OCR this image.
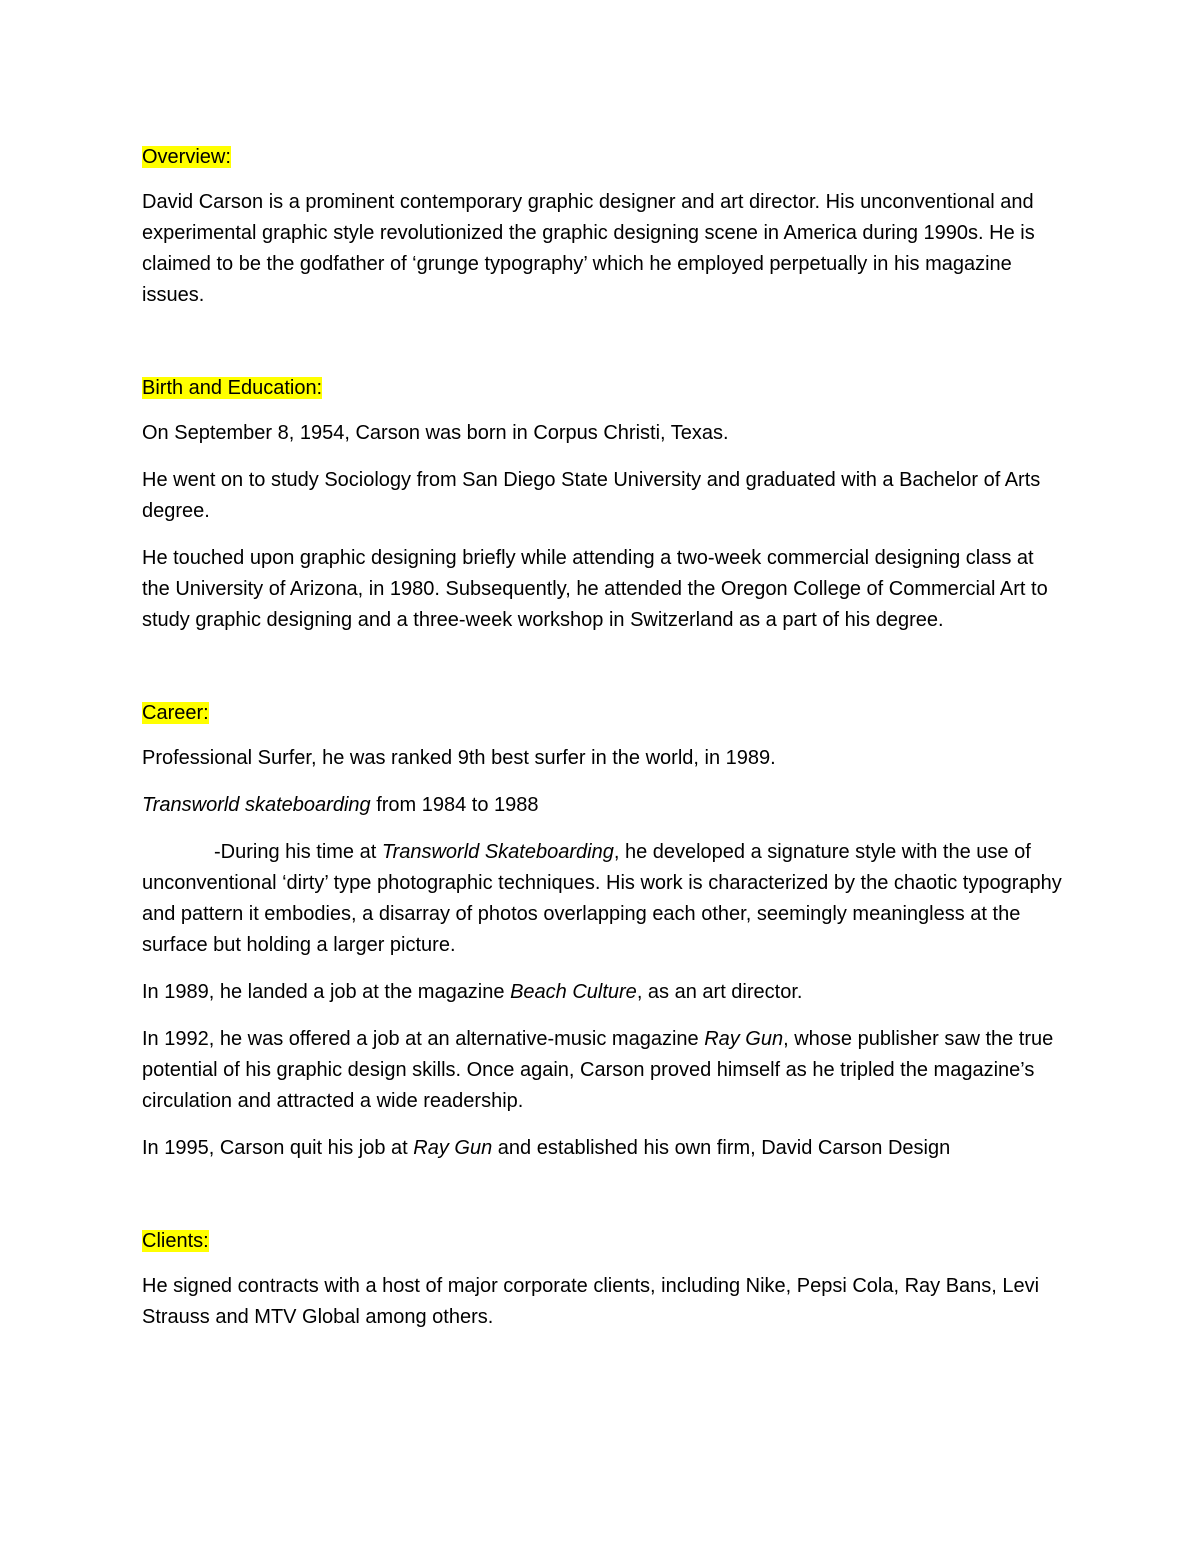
Overview:

David Carson is a prominent contemporary graphic designer and art director. His unconventional and experimental graphic style revolutionized the graphic designing scene in America during 1990s. He is claimed to be the godfather of ‘grunge typography’ which he employed perpetually in his magazine issues.

Birth and Education:

On September 8, 1954, Carson was born in Corpus Christi, Texas.

He went on to study Sociology from San Diego State University and graduated with a Bachelor of Arts degree.

He touched upon graphic designing briefly while attending a two-week commercial designing class at the University of Arizona, in 1980. Subsequently, he attended the Oregon College of Commercial Art to study graphic designing and a three-week workshop in Switzerland as a part of his degree.

Career:

Professional Surfer, he was ranked 9th best surfer in the world, in 1989.

Transworld skateboarding from 1984 to 1988

-During his time at Transworld Skateboarding, he developed a signature style with the use of unconventional ‘dirty’ type photographic techniques. His work is characterized by the chaotic typography and pattern it embodies, a disarray of photos overlapping each other, seemingly meaningless at the surface but holding a larger picture.

In 1989, he landed a job at the magazine Beach Culture, as an art director.

In 1992, he was offered a job at an alternative-music magazine Ray Gun, whose publisher saw the true potential of his graphic design skills. Once again, Carson proved himself as he tripled the magazine’s circulation and attracted a wide readership.

In 1995, Carson quit his job at Ray Gun and established his own firm, David Carson Design

Clients:

He signed contracts with a host of major corporate clients, including Nike, Pepsi Cola, Ray Bans, Levi Strauss and MTV Global among others.
